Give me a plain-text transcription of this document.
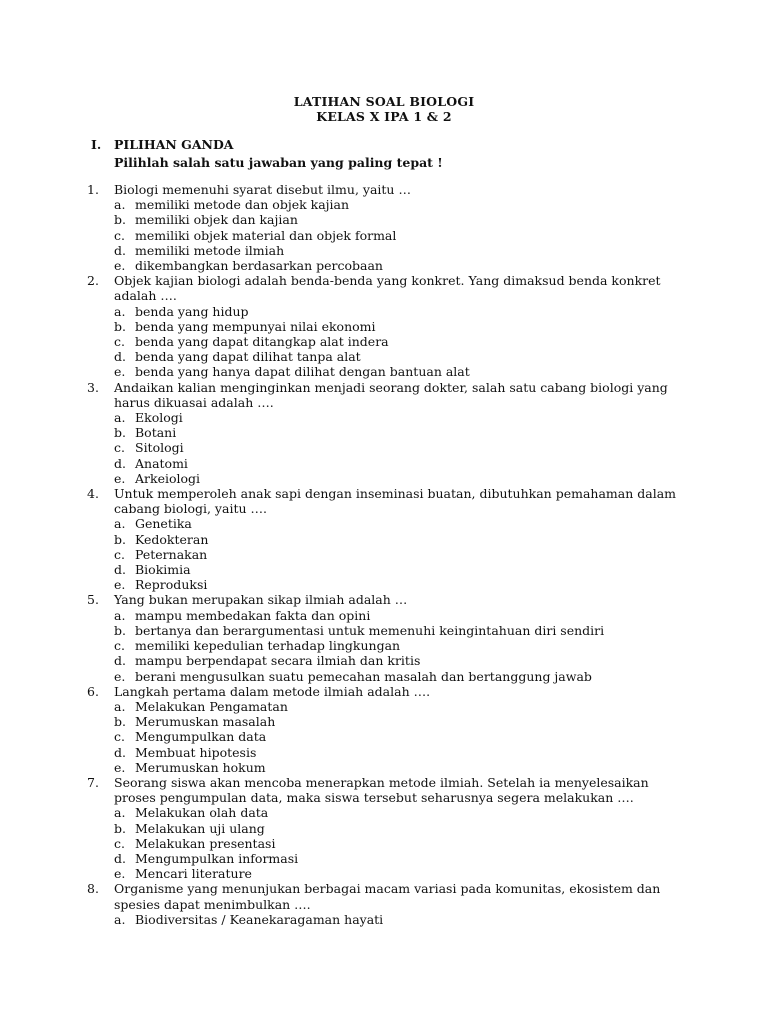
LATIHAN SOAL BIOLOGI
KELAS X IPA 1 & 2
I. PILIHAN GANDA
Pilihlah salah satu jawaban yang paling tepat !
1.	Biologi memenuhi syarat disebut ilmu, yaitu …
a. memiliki metode dan objek kajian
b. memiliki objek dan kajian
c. memiliki objek material dan objek formal
d. memiliki metode ilmiah
e. dikembangkan berdasarkan percobaan
2.	Objek kajian biologi adalah benda-benda yang konkret. Yang dimaksud benda konkret adalah ….
a. benda yang hidup
b. benda yang mempunyai nilai ekonomi
c. benda yang dapat ditangkap alat indera
d. benda yang dapat dilihat tanpa alat
e. benda yang hanya dapat dilihat dengan bantuan alat
3.	Andaikan kalian menginginkan menjadi seorang dokter, salah satu cabang biologi yang harus dikuasai adalah ….
a. Ekologi
b. Botani
c. Sitologi
d. Anatomi
e. Arkeiologi
4.	Untuk memperoleh anak sapi dengan inseminasi buatan, dibutuhkan pemahaman dalam cabang biologi, yaitu ….
a. Genetika
b. Kedokteran
c. Peternakan
d. Biokimia
e. Reproduksi
5.	Yang bukan merupakan sikap ilmiah adalah …
a. mampu membedakan fakta dan opini
b. bertanya dan berargumentasi untuk memenuhi keingintahuan diri sendiri
c. memiliki kepedulian terhadap lingkungan
d. mampu berpendapat secara ilmiah dan kritis
e. berani mengusulkan suatu pemecahan masalah dan bertanggung jawab
6.	Langkah pertama dalam metode ilmiah adalah ….
a. Melakukan Pengamatan
b. Merumuskan masalah
c. Mengumpulkan data
d. Membuat hipotesis
e. Merumuskan hokum
7.	Seorang siswa akan mencoba menerapkan metode ilmiah. Setelah ia menyelesaikan proses pengumpulan data, maka siswa tersebut seharusnya segera melakukan ….
a. Melakukan olah data
b. Melakukan uji ulang
c. Melakukan presentasi
d. Mengumpulkan informasi
e. Mencari literature
8.	Organisme yang menunjukan berbagai macam variasi pada komunitas, ekosistem dan spesies dapat menimbulkan ….
a. Biodiversitas / Keanekaragaman hayati
